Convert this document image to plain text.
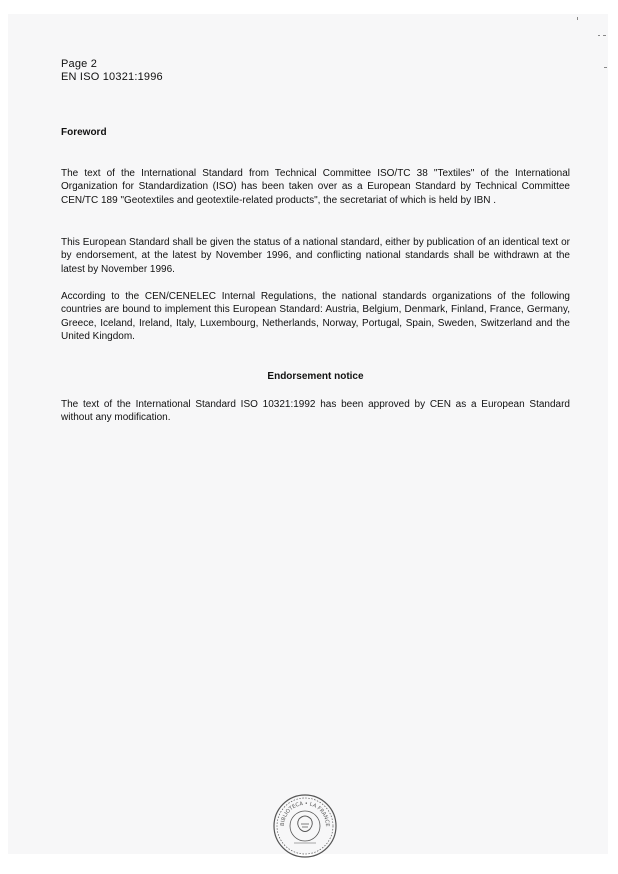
Page 2
EN ISO 10321:1996
Foreword
The text of the International Standard from Technical Committee ISO/TC 38 "Textiles" of the International Organization for Standardization (ISO) has been taken over as a European Standard by Technical Committee CEN/TC 189 "Geotextiles and geotextile-related products", the secretariat of which is held by IBN .
This European Standard shall be given the status of a national standard, either by publication of an identical text or by endorsement, at the latest by November 1996, and conflicting national standards shall be withdrawn at the latest by November 1996.
According to the CEN/CENELEC Internal Regulations, the national standards organizations of the following countries are bound to implement this European Standard: Austria, Belgium, Denmark, Finland, France, Germany, Greece, Iceland, Ireland, Italy, Luxembourg, Netherlands, Norway, Portugal, Spain, Sweden, Switzerland and the United Kingdom.
Endorsement notice
The text of the International Standard ISO 10321:1992 has been approved by CEN as a European Standard without any modification.
BIBLIOTECA • LA FRANCE
